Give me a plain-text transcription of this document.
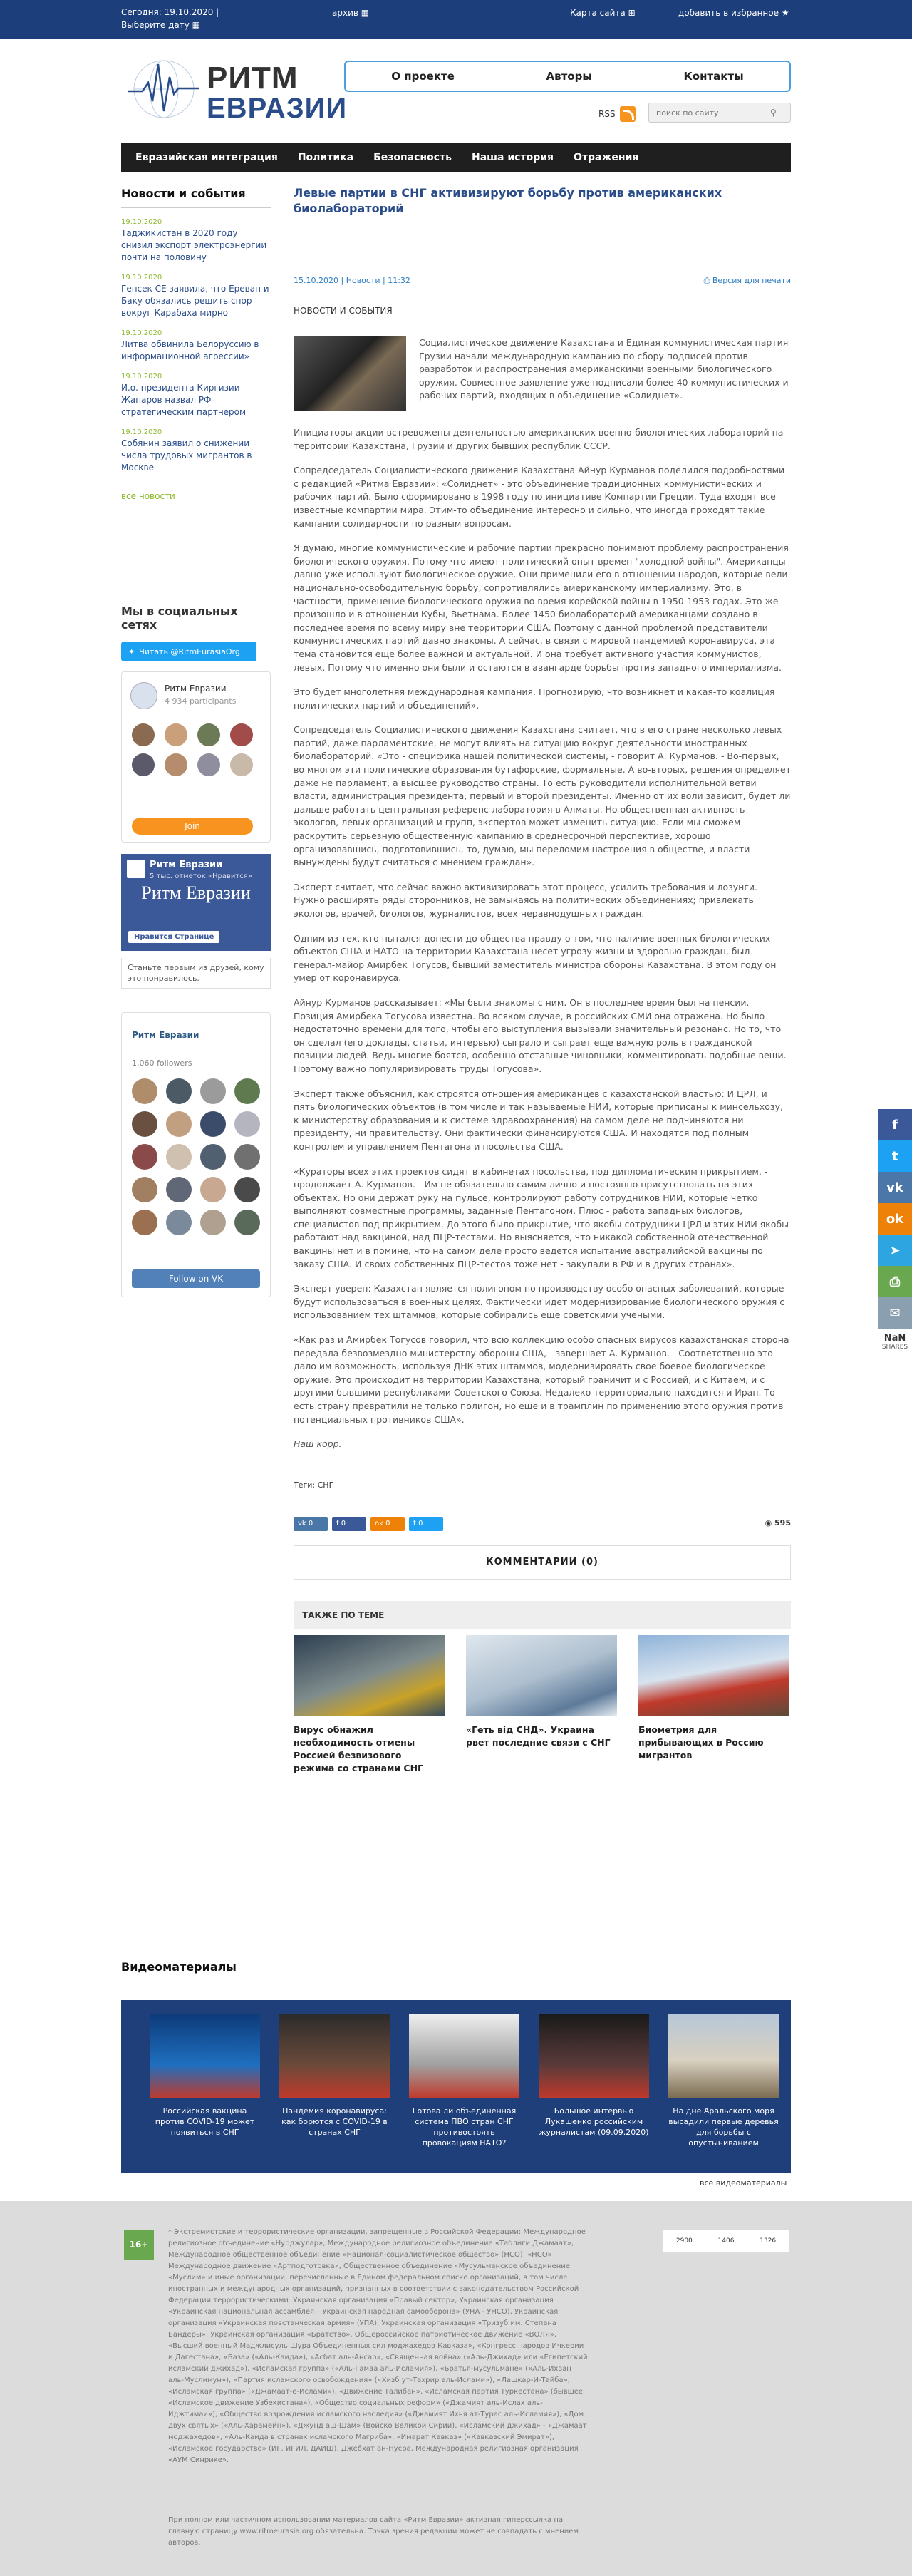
Сегодня: 19.10.2020 |
Выберите дату ▦
архив ▦	Карта сайта ⊞	добавить в избранное ★
РИТМ
ЕВРАЗИИ
О проекте	Авторы	Контакты
RSS
поиск по сайту	⚲
Евразийская интеграция Политика Безопасность Наша история Отражения
Новости и события
19.10.2020
Таджикистан в 2020 году снизил экспорт электроэнергии почти на половину
19.10.2020
Генсек СЕ заявила, что Ереван и Баку обязались решить спор вокруг Карабаха мирно
19.10.2020
Литва обвинила Белоруссию в информационной агрессии»
19.10.2020
И.о. президента Киргизии Жапаров назвал РФ стратегическим партнером
19.10.2020
Собянин заявил о снижении числа трудовых мигрантов в Москве
все новости
Мы в социальных сетях
✦ Читать @RitmEurasiaOrg
Ритм Евразии
4 934 participants
Join
Ритм Евразии
5 тыс. отметок «Нравится»
Ритм Евразии
Нравится Странице
Станьте первым из друзей, кому это понравилось.
Ритм Евразии
1,060 followers
Follow on VK
Левые партии в СНГ активизируют борьбу против американских биолабораторий
15.10.2020 | Новости | 11:32	⎙ Версия для печати
НОВОСТИ И СОБЫТИЯ
Социалистическое движение Казахстана и Единая коммунистическая партия Грузии начали международную кампанию по сбору подписей против разработок и распространения американскими военными биологического оружия. Совместное заявление уже подписали более 40 коммунистических и рабочих партий, входящих в объединение «Солиднет».

Инициаторы акции встревожены деятельностью американских военно-биологических лабораторий на территории Казахстана, Грузии и других бывших республик СССР.

Сопредседатель Социалистического движения Казахстана Айнур Курманов поделился подробностями с редакцией «Ритма Евразии»: «Солиднет» - это объединение традиционных коммунистических и рабочих партий. Было сформировано в 1998 году по инициативе Компартии Греции. Туда входят все известные компартии мира. Этим-то объединение интересно и сильно, что иногда проходят такие кампании солидарности по разным вопросам.

Я думаю, многие коммунистические и рабочие партии прекрасно понимают проблему распространения биологического оружия. Потому что имеют политический опыт времен "холодной войны". Американцы давно уже используют биологическое оружие. Они применили его в отношении народов, которые вели национально-освободительную борьбу, сопротивлялись американскому империализму. Это, в частности, применение биологического оружия во время корейской войны в 1950-1953 годах. Это же произошло и в отношении Кубы, Вьетнама. Более 1450 биолабораторий американцами создано в последнее время по всему миру вне территории США. Поэтому с данной проблемой представители коммунистических партий давно знакомы. А сейчас, в связи с мировой пандемией коронавируса, эта тема становится еще более важной и актуальной. И она требует активного участия коммунистов, левых. Потому что именно они были и остаются в авангарде борьбы против западного империализма.

Это будет многолетняя международная кампания. Прогнозирую, что возникнет и какая-то коалиция политических партий и объединений».

Сопредседатель Социалистического движения Казахстана считает, что в его стране несколько левых партий, даже парламентские, не могут влиять на ситуацию вокруг деятельности иностранных биолабораторий. «Это - специфика нашей политической системы, - говорит А. Курманов. - Во-первых, во многом эти политические образования бутафорские, формальные. А во-вторых, решения определяет даже не парламент, а высшее руководство страны. То есть руководители исполнительной ветви власти, администрация президента, первый и второй президенты. Именно от их воли зависит, будет ли дальше работать центральная референс-лаборатория в Алматы. Но общественная активность экологов, левых организаций и групп, экспертов может изменить ситуацию. Если мы сможем раскрутить серьезную общественную кампанию в среднесрочной перспективе, хорошо организовавшись, подготовившись, то, думаю, мы переломим настроения в обществе, и власти вынуждены будут считаться с мнением граждан».

Эксперт считает, что сейчас важно активизировать этот процесс, усилить требования и лозунги. Нужно расширять ряды сторонников, не замыкаясь на политических объединениях; привлекать экологов, врачей, биологов, журналистов, всех неравнодушных граждан.

Одним из тех, кто пытался донести до общества правду о том, что наличие военных биологических объектов США и НАТО на территории Казахстана несет угрозу жизни и здоровью граждан, был генерал-майор Амирбек Тогусов, бывший заместитель министра обороны Казахстана. В этом году он умер от коронавируса.

Айнур Курманов рассказывает: «Мы были знакомы с ним. Он в последнее время был на пенсии. Позиция Амирбека Тогусова известна. Во всяком случае, в российских СМИ она отражена. Но было недостаточно времени для того, чтобы его выступления вызывали значительный резонанс. Но то, что он сделал (его доклады, статьи, интервью) сыграло и сыграет еще важную роль в гражданской позиции людей. Ведь многие боятся, особенно отставные чиновники, комментировать подобные вещи. Поэтому важно популяризировать труды Тогусова».

Эксперт также объяснил, как строятся отношения американцев с казахстанской властью: И ЦРЛ, и пять биологических объектов (в том числе и так называемые НИИ, которые приписаны к минсельхозу, к министерству образования и к системе здравоохранения) на самом деле не подчиняются ни президенту, ни правительству. Они фактически финансируются США. И находятся под полным контролем и управлением Пентагона и посольства США.

«Кураторы всех этих проектов сидят в кабинетах посольства, под дипломатическим прикрытием, - продолжает А. Курманов. - Им не обязательно самим лично и постоянно присутствовать на этих объектах. Но они держат руку на пульсе, контролируют работу сотрудников НИИ, которые четко выполняют совместные программы, заданные Пентагоном. Плюс - работа западных биологов, специалистов под прикрытием. До этого было прикрытие, что якобы сотрудники ЦРЛ и этих НИИ якобы работают над вакциной, над ПЦР-тестами. Но выясняется, что никакой собственной отечественной вакцины нет и в помине, что на самом деле просто ведется испытание австралийской вакцины по заказу США. И своих собственных ПЦР-тестов тоже нет - закупали в РФ и в других странах».

Эксперт уверен: Казахстан является полигоном по производству особо опасных заболеваний, которые будут использоваться в военных целях. Фактически идет модернизирование биологического оружия с использованием тех штаммов, которые собирались еще советскими учеными.

«Как раз и Амирбек Тогусов говорил, что всю коллекцию особо опасных вирусов казахстанская сторона передала безвозмездно министерству обороны США, - завершает А. Курманов. - Соответственно это дало им возможность, используя ДНК этих штаммов, модернизировать свое боевое биологическое оружие. Это происходит на территории Казахстана, который граничит и с Россией, и с Китаем, и с другими бывшими республиками Советского Союза. Недалеко территориально находится и Иран. То есть страну превратили не только полигон, но еще и в трамплин по применению этого оружия против потенциальных противников США».

Наш корр.

Теги: СНГ
vk 0	f 0	ok 0	t 0	◉ 595
КОММЕНТАРИИ (0)
ТАКЖЕ ПО ТЕМЕ
Вирус обнажил необходимость отмены Россией безвизового режима со странами СНГ
«Геть від СНД». Украина рвет последние связи с СНГ
Биометрия для прибывающих в Россию мигрантов
Видеоматериалы
Российская вакцина против COVID-19 может появиться в СНГ
Пандемия коронавируса: как борются с COVID-19 в странах СНГ
Готова ли объединенная система ПВО стран СНГ противостоять провокациям НАТО?
Большое интервью Лукашенко российским журналистам (09.09.2020)
На дне Аральского моря высадили первые деревья для борьбы с опустыниванием
все видеоматериалы
16+
* Экстремистские и террористические организации, запрещенные в Российской Федерации: Международное религиозное объединение «Нурджулар», Международное религиозное объединение «Таблиги Джамаат», Международное общественное объединение «Национал-социалистическое общество» (НСО), «НСО» Международное движение «Артподготовка», Общественное объединение «Мусульманское объединение «Муслим» и иные организации, перечисленные в Едином федеральном списке организаций, в том числе иностранных и международных организаций, признанных в соответствии с законодательством Российской Федерации террористическими. Украинская организация «Правый сектор», Украинская организация «Украинская национальная ассамблея – Украинская народная самооборона» (УНА - УНСО), Украинская организация «Украинская повстанческая армия» (УПА), Украинская организация «Тризуб им. Степана Бандеры», Украинская организация «Братство», Общероссийское патриотическое движение «ВОЛЯ», «Высший военный Маджлисуль Шура Объединенных сил моджахедов Кавказа», «Конгресс народов Ичкерии и Дагестана», «База» («Аль-Каида»), «Асбат аль-Ансар», «Священная война» («Аль-Джихад» или «Египетский исламский джихад»), «Исламская группа» («Аль-Гамаа аль-Исламия»), «Братья-мусульмане» («Аль-Ихван аль-Муслимун»), «Партия исламского освобождения» («Хизб ут-Тахрир аль-Ислами»), «Лашкар-И-Тайба», «Исламская группа» («Джамаат-е-Ислами»), «Движение Талибан», «Исламская партия Туркестана» (бывшее «Исламское движение Узбекистана»), «Общество социальных реформ» («Джамият аль-Ислах аль-Иджтимаи»), «Общество возрождения исламского наследия» («Джамият Ихья ат-Турас аль-Исламия»), «Дом двух святых» («Аль-Харамейн»), «Джунд аш-Шам» (Войско Великой Сирии), «Исламский джихад» - «Джамаат моджахедов», «Аль-Каида в странах исламского Магриба», «Имарат Кавказ» («Кавказский Эмират»), «Исламское государство» (ИГ, ИГИЛ, ДАИШ), Джебхат ан-Нусра, Международная религиозная организация «АУМ Синрике».
2900	1406	1326
При полном или частичном использовании материалов сайта «Ритм Евразии» активная гиперссылка на главную страницу www.ritmeurasia.org обязательна. Точка зрения редакции может не совпадать с мнением авторов.
f
t
vk
ok
➤
⎙
✉
NaN
SHARES
